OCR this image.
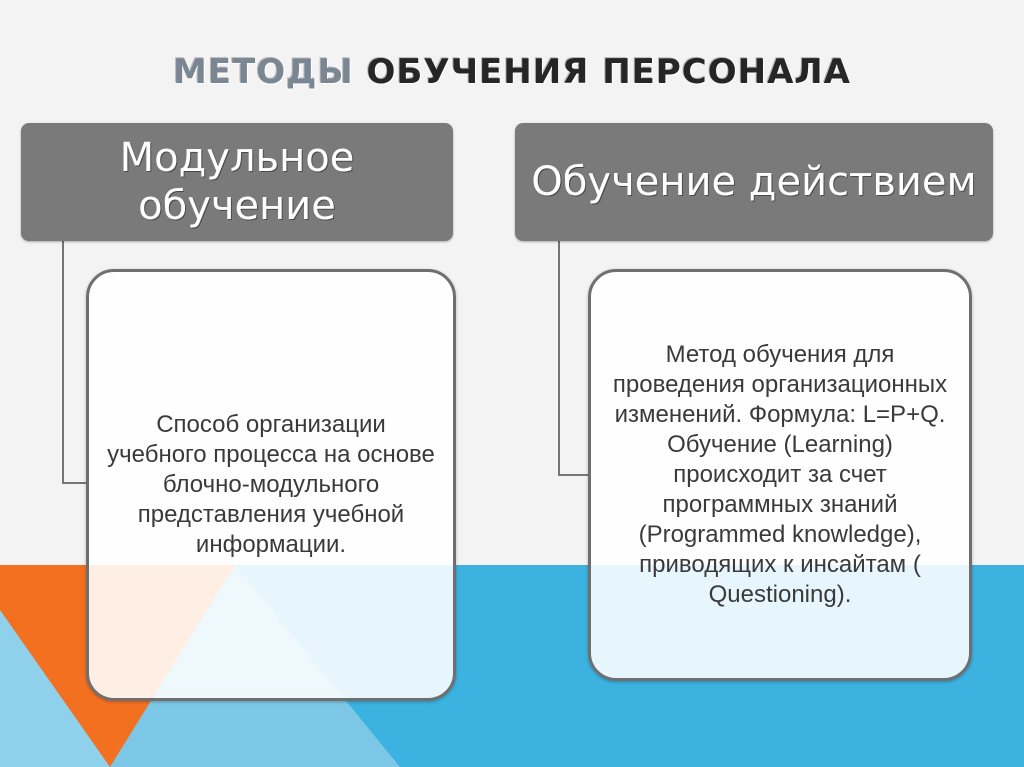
МЕТОДЫ ОБУЧЕНИЯ ПЕРСОНАЛА
Модульное обучение
Обучение действием

Способ организации учебного процесса на основе блочно-модульного представления учебной информации.

Метод обучения для проведения организационных изменений. Формула: L=P+Q. Обучение (Learning) происходит за счет программных знаний (Programmed knowledge), приводящих к инсайтам ( Questioning).
